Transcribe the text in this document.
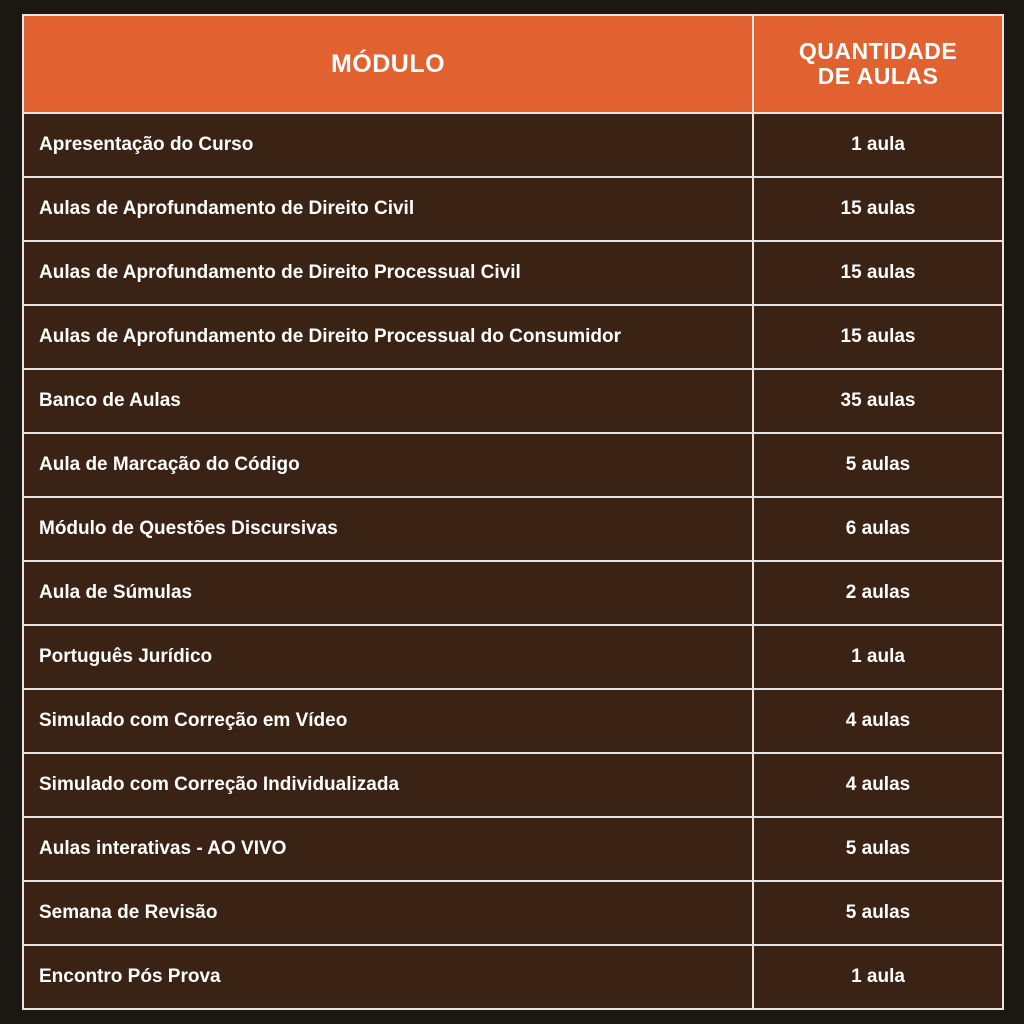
MÓDULO	QUANTIDADE
DE AULAS
Apresentação do Curso	1 aula
Aulas de Aprofundamento de Direito Civil	15 aulas
Aulas de Aprofundamento de Direito Processual Civil	15 aulas
Aulas de Aprofundamento de Direito Processual do Consumidor	15 aulas
Banco de Aulas	35 aulas
Aula de Marcação do Código	5 aulas
Módulo de Questões Discursivas	6 aulas
Aula de Súmulas	2 aulas
Português Jurídico	1 aula
Simulado com Correção em Vídeo	4 aulas
Simulado com Correção Individualizada	4 aulas
Aulas interativas - AO VIVO	5 aulas
Semana de Revisão	5 aulas
Encontro Pós Prova	1 aula
